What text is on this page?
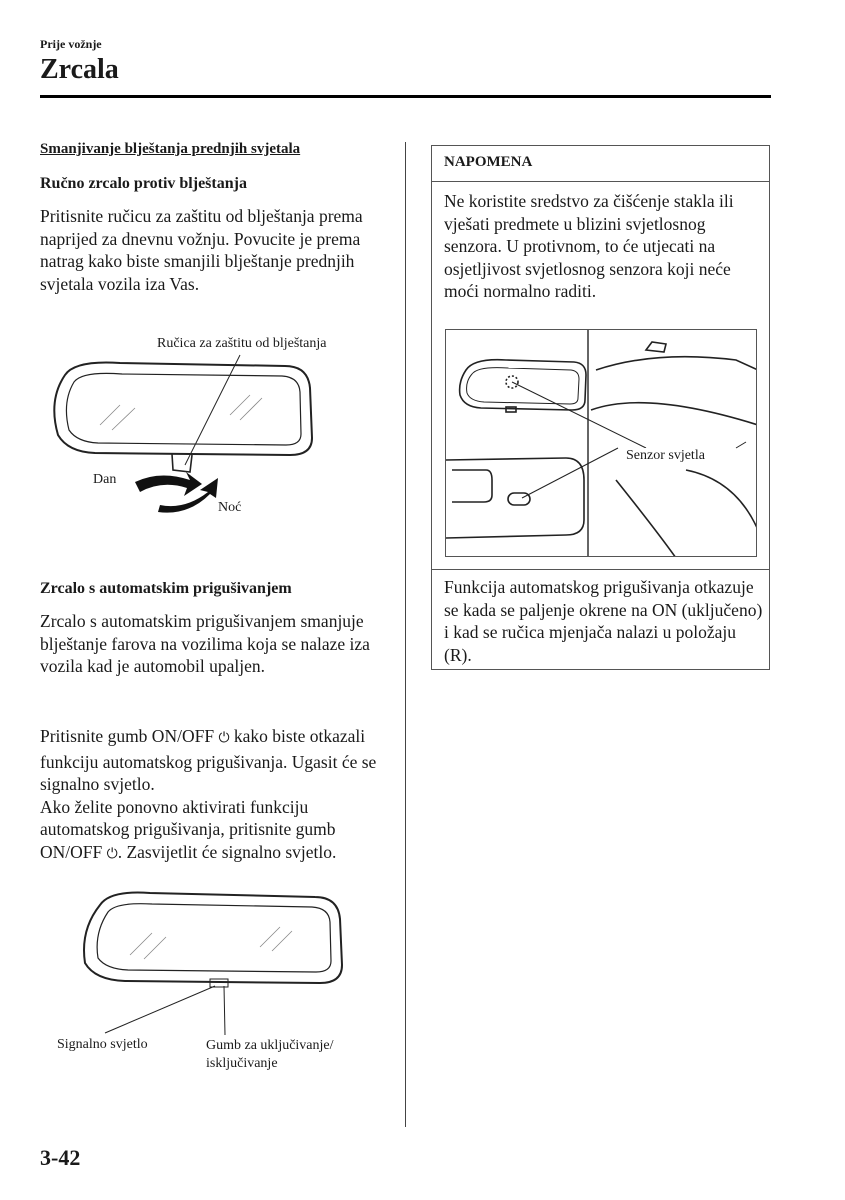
Prije vožnje
Zrcala
Smanjivanje blještanja prednjih svjetala
Ručno zrcalo protiv blještanja
Pritisnite ručicu za zaštitu od blještanja prema naprijed za dnevnu vožnju. Povucite je prema natrag kako biste smanjili blještanje prednjih svjetala vozila iza Vas.
Ručica za zaštitu od blještanja
Dan
Noć
Zrcalo s automatskim prigušivanjem
Zrcalo s automatskim prigušivanjem smanjuje blještanje farova na vozilima koja se nalaze iza vozila kad je automobil upaljen.
Pritisnite gumb ON/OFF ⏻ kako biste otkazali funkciju automatskog prigušivanja. Ugasit će se signalno svjetlo.
Ako želite ponovno aktivirati funkciju automatskog prigušivanja, pritisnite gumb ON/OFF ⏻. Zasvijetlit će signalno svjetlo.
Signalno svjetlo	Gumb za uključivanje/
isključivanje
NAPOMENA
Ne koristite sredstvo za čišćenje stakla ili vješati predmete u blizini svjetlosnog senzora. U protivnom, to će utjecati na osjetljivost svjetlosnog senzora koji neće moći normalno raditi.
Senzor svjetla
Funkcija automatskog prigušivanja otkazuje se kada se paljenje okrene na ON (uključeno) i kad se ručica mjenjača nalazi u položaju (R).
3-42
